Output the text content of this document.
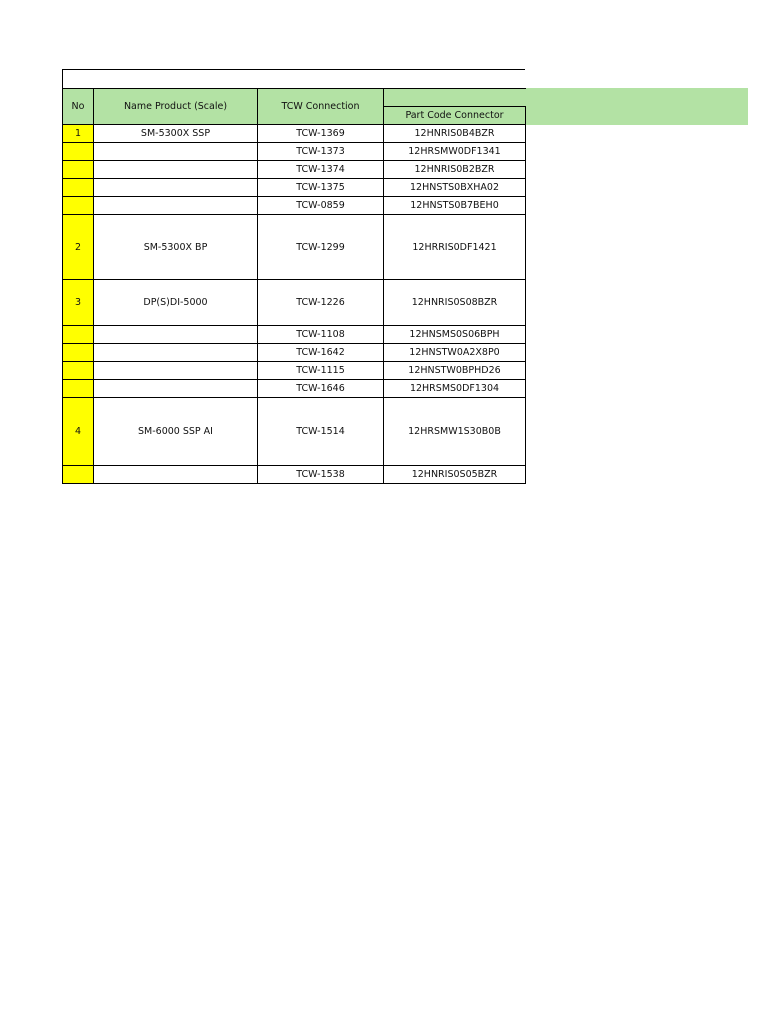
No	Name Product (Scale)	TCW Connection	
			Part Code Connector
1	SM-5300X SSP	TCW-1369	12HNRIS0B4BZR
		TCW-1373	12HRSMW0DF1341
		TCW-1374	12HNRIS0B2BZR
		TCW-1375	12HNSTS0BXHA02
		TCW-0859	12HNSTS0B7BEH0
2	SM-5300X BP	TCW-1299	12HRRIS0DF1421
3	DP(S)DI-5000	TCW-1226	12HNRIS0S08BZR
		TCW-1108	12HNSMS0S06BPH
		TCW-1642	12HNSTW0A2X8P0
		TCW-1115	12HNSTW0BPHD26
		TCW-1646	12HRSMS0DF1304
4	SM-6000 SSP AI	TCW-1514	12HRSMW1S30B0B
		TCW-1538	12HNRIS0S05BZR
